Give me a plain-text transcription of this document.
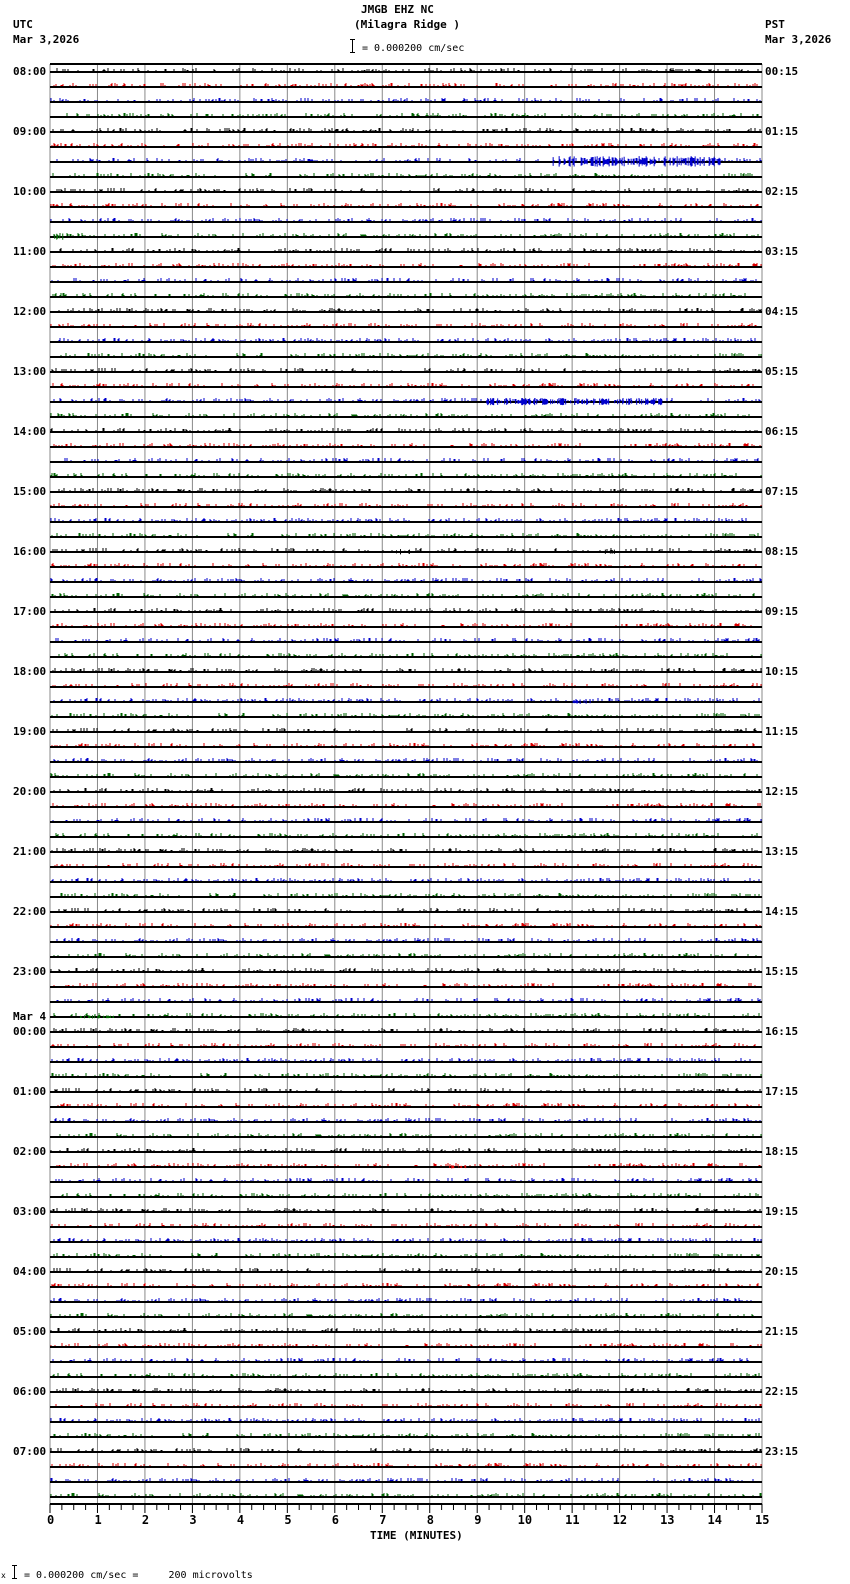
JMGB EHZ NC
(Milagra Ridge )
UTC
Mar 3,2026
PST
Mar 3,2026
= 0.000200 cm/sec
0	1	2	3	4	5	6	7	8	9	10	11	12	13	14	15
08:00
09:00
10:00
11:00
12:00
13:00
14:00
15:00
16:00
17:00
18:00
19:00
20:00
21:00
22:00
23:00
00:00
01:00
02:00
03:00
04:00
05:00
06:00
07:00
Mar 4
00:15
01:15
02:15
03:15
04:15
05:15
06:15
07:15
08:15
09:15
10:15
11:15
12:15
13:15
14:15
15:15
16:15
17:15
18:15
19:15
20:15
21:15
22:15
23:15
TIME (MINUTES)
x = 0.000200 cm/sec =     200 microvolts
